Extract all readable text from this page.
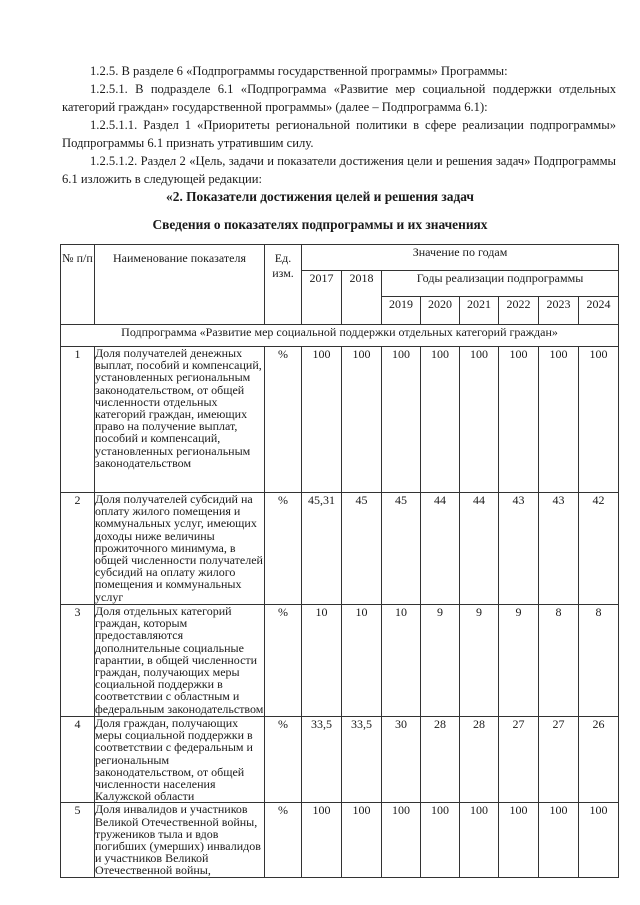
1.2.5. В разделе 6 «Подпрограммы государственной программы» Программы:
1.2.5.1. В подразделе 6.1 «Подпрограмма «Развитие мер социальной поддержки отдельных категорий граждан» государственной программы» (далее – Подпрограмма 6.1):
1.2.5.1.1. Раздел 1 «Приоритеты региональной политики в сфере реализации подпрограммы» Подпрограммы 6.1 признать утратившим силу.
1.2.5.1.2. Раздел 2 «Цель, задачи и показатели достижения цели и решения задач» Подпрограммы 6.1 изложить в следующей редакции:
«2. Показатели достижения целей и решения задач
Сведения о показателях подпрограммы и их значениях
№ п/п	Наименование показателя	Ед. изм.	Значение по годам							
			2017	2018	Годы реализации подпрограммы					
					2019	2020	2021	2022	2023	2024
Подпрограмма «Развитие мер социальной поддержки отдельных категорий граждан»										
1	Доля получателей денежных выплат, пособий и компенсаций, установленных региональным законодательством, от общей численности отдельных категорий граждан, имеющих право на получение выплат, пособий и компенсаций, установленных региональным законодательством	%	100	100	100	100	100	100	100	100
2	Доля получателей субсидий на оплату жилого помещения и коммунальных услуг, имеющих доходы ниже величины прожиточного минимума, в общей численности получателей субсидий на оплату жилого помещения и коммунальных услуг	%	45,31	45	45	44	44	43	43	42
3	Доля отдельных категорий граждан, которым предоставляются дополнительные социальные гарантии, в общей численности граждан, получающих меры социальной поддержки в соответствии с областным и федеральным законодательством	%	10	10	10	9	9	9	8	8
4	Доля граждан, получающих меры социальной поддержки в соответствии с федеральным и региональным законодательством, от общей численности населения Калужской области	%	33,5	33,5	30	28	28	27	27	26
5	Доля инвалидов и участников Великой Отечественной войны, тружеников тыла и вдов погибших (умерших) инвалидов и участников Великой Отечественной войны,	%	100	100	100	100	100	100	100	100
